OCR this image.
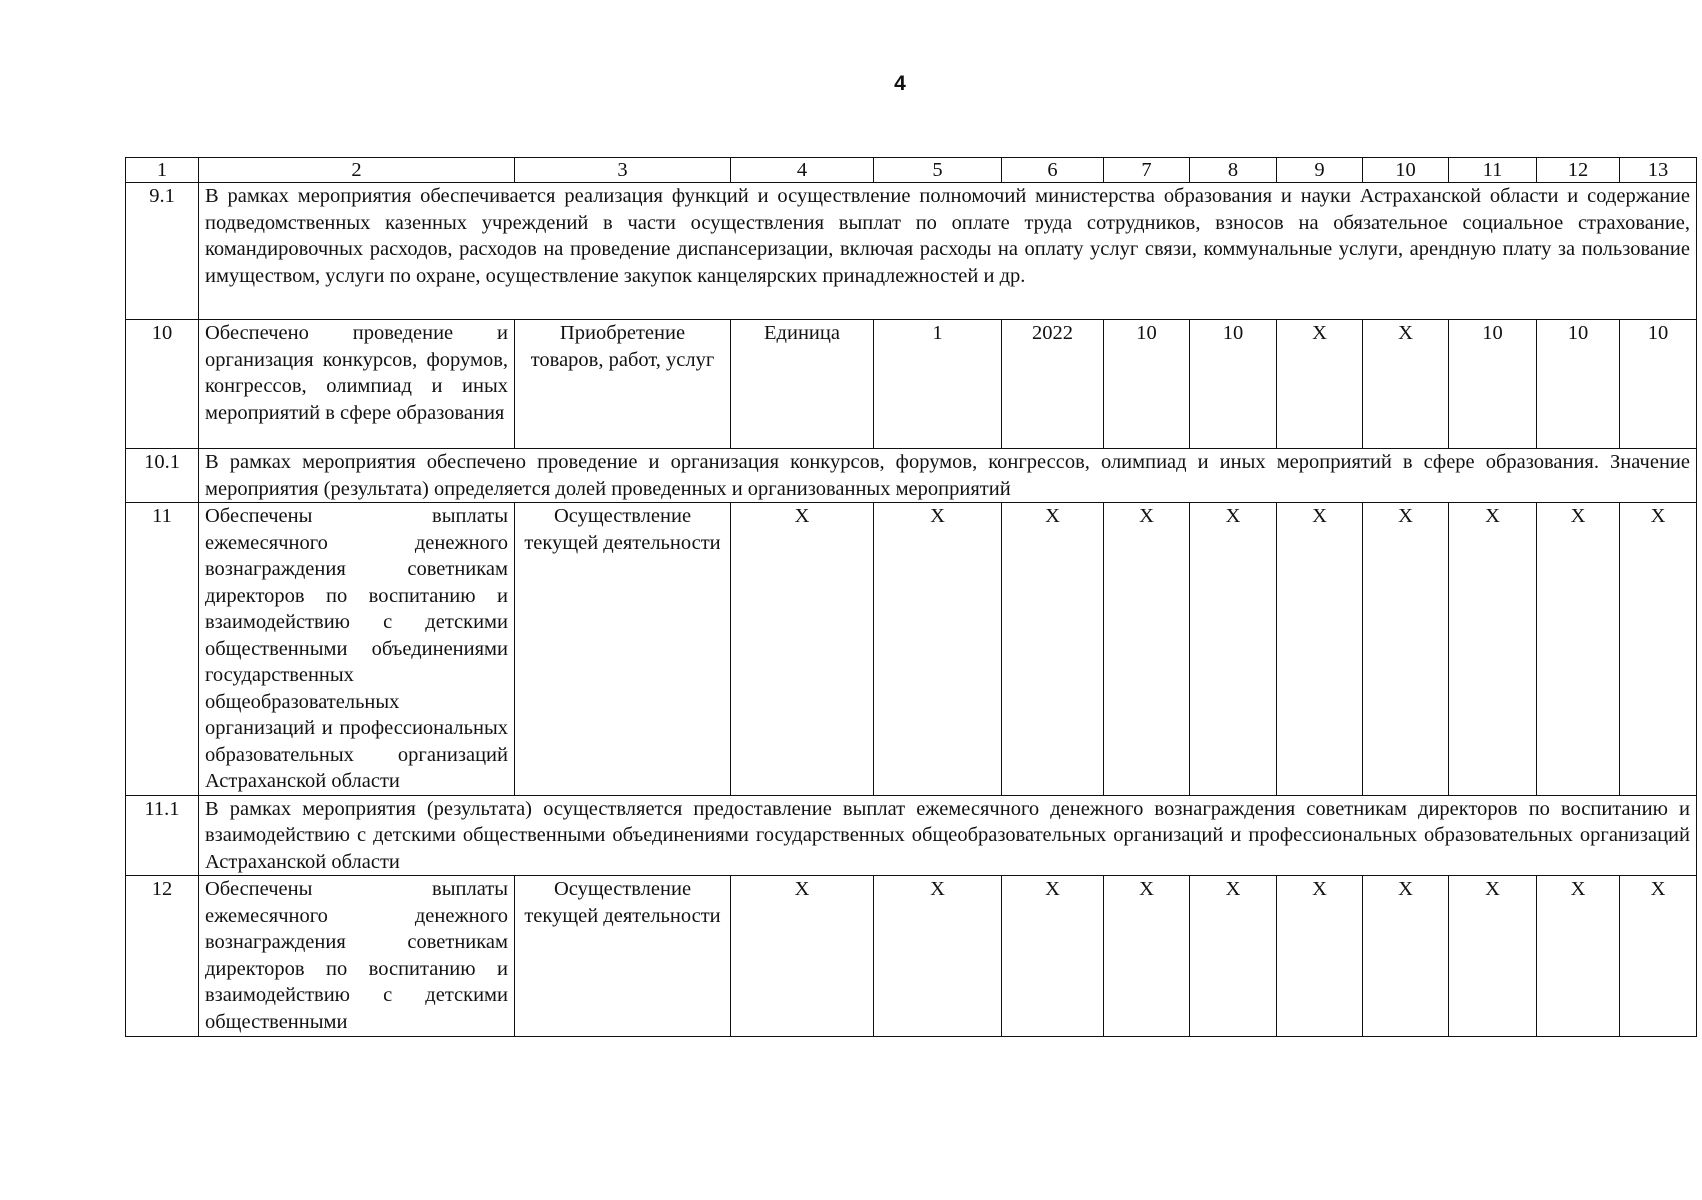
4
1	2	3	4	5	6	7	8	9	10	11	12	13
9.1	В рамках мероприятия обеспечивается реализация функций и осуществление полномочий министерства образования и науки Астраханской области и содержание подведомственных казенных учреждений в части осуществления выплат по оплате труда сотрудников, взносов на обязательное социальное страхование, командировочных расходов, расходов на проведение диспансеризации, включая расходы на оплату услуг связи, коммунальные услуги, арендную плату за пользование имуществом, услуги по охране, осуществление закупок канцелярских принадлежностей и др.											
10	Обеспечено проведение и организация конкурсов, форумов, конгрессов, олимпиад и иных мероприятий в сфере образования	Приобретение товаров, работ, услуг	Единица	1	2022	10	10	X	X	10	10	10
10.1	В рамках мероприятия обеспечено проведение и организация конкурсов, форумов, конгрессов, олимпиад и иных мероприятий в сфере образования. Значение мероприятия (результата) определяется долей проведенных и организованных мероприятий											
11	Обеспечены выплаты ежемесячного денежного вознаграждения советникам директоров по воспитанию и взаимодействию с детскими общественными объединениями государственных общеобразовательных организаций и профессиональных образовательных организаций Астраханской области	Осуществление текущей деятельности	X	X	X	X	X	X	X	X	X	X
11.1	В рамках мероприятия (результата) осуществляется предоставление выплат ежемесячного денежного вознаграждения советникам директоров по воспитанию и взаимодействию с детскими общественными объединениями государственных общеобразовательных организаций и профессиональных образовательных организаций Астраханской области											
12	Обеспечены выплаты ежемесячного денежного вознаграждения советникам директоров по воспитанию и взаимодействию с детскими общественными	Осуществление текущей деятельности	X	X	X	X	X	X	X	X	X	X
